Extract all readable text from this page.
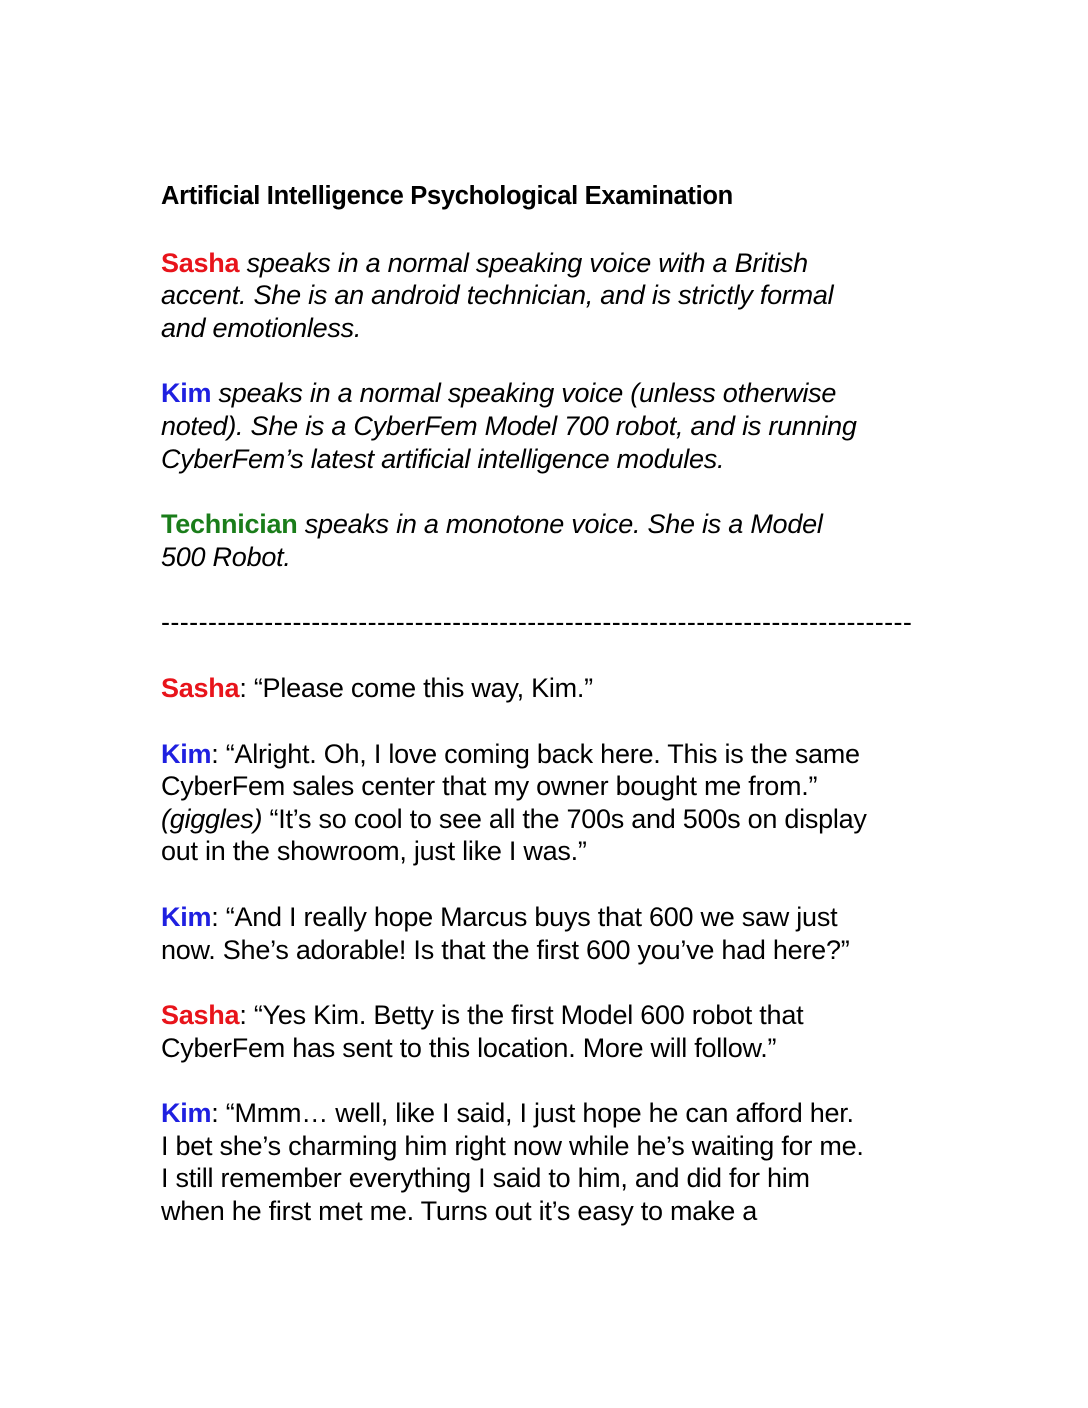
Artificial Intelligence Psychological Examination
Sasha speaks in a normal speaking voice with a British
accent. She is an android technician, and is strictly formal
and emotionless.
Kim speaks in a normal speaking voice (unless otherwise
noted). She is a CyberFem Model 700 robot, and is running
CyberFem’s latest artificial intelligence modules.
Technician speaks in a monotone voice. She is a Model
500 Robot.
--------------------------------------------------------------------------------
Sasha: “Please come this way, Kim.”
Kim: “Alright. Oh, I love coming back here. This is the same
CyberFem sales center that my owner bought me from.”
(giggles) “It’s so cool to see all the 700s and 500s on display
out in the showroom, just like I was.”
Kim: “And I really hope Marcus buys that 600 we saw just
now. She’s adorable! Is that the first 600 you’ve had here?”
Sasha: “Yes Kim. Betty is the first Model 600 robot that
CyberFem has sent to this location. More will follow.”
Kim: “Mmm… well, like I said, I just hope he can afford her.
I bet she’s charming him right now while he’s waiting for me.
I still remember everything I said to him, and did for him
when he first met me. Turns out it’s easy to make a
